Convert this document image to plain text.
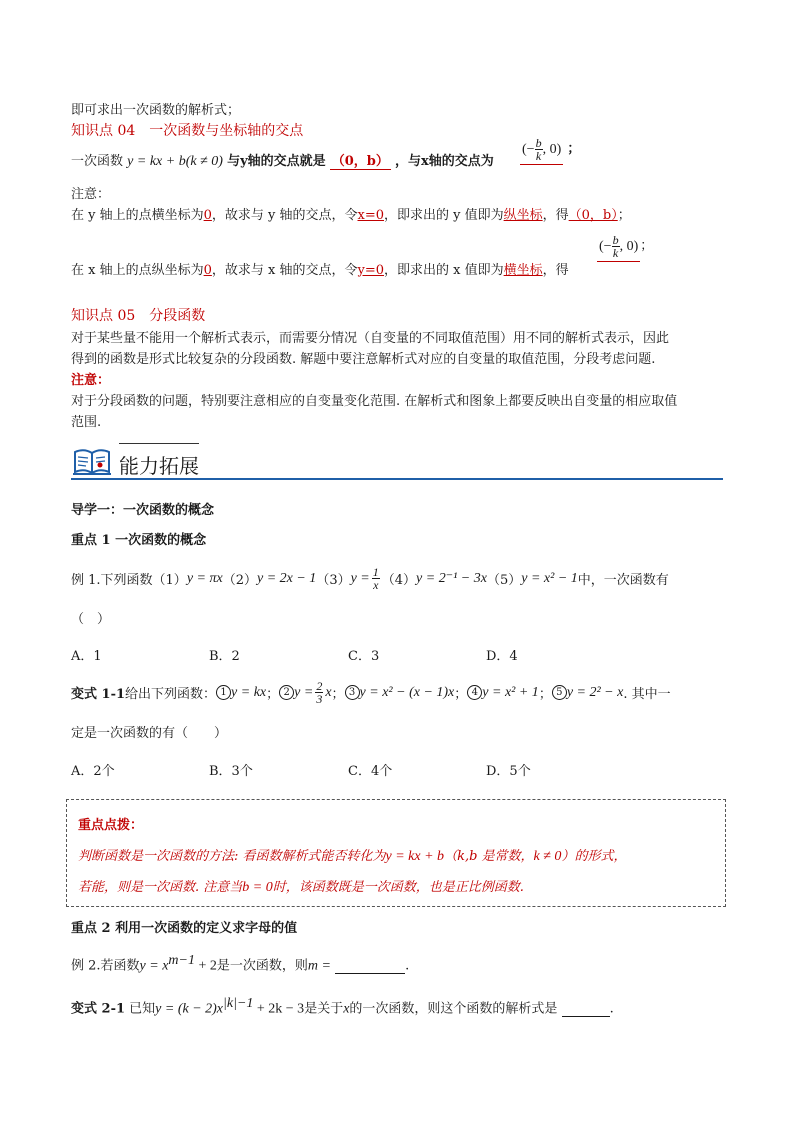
即可求出一次函数的解析式；
知识点 04　一次函数与坐标轴的交点
一次函数 y = kx + b(k ≠ 0) 与y轴的交点就是 （0，b） ，与x轴的交点为
(− $\frac{b}{k}$ , 0) ；
注意：
在 y 轴上的点横坐标为0，故求与 y 轴的交点，令x=0，即求出的 y 值即为纵坐标，得（0，b）；
在 x 轴上的点纵坐标为0，故求与 x 轴的交点，令y=0，即求出的 x 值即为横坐标，得
(− $\frac{b}{k}$ , 0) ；
知识点 05　分段函数
对于某些量不能用一个解析式表示，而需要分情况（自变量的不同取值范围）用不同的解析式表示，因此
得到的函数是形式比较复杂的分段函数. 解题中要注意解析式对应的自变量的取值范围，分段考虑问题.
注意：
对于分段函数的问题，特别要注意相应的自变量变化范围. 在解析式和图象上都要反映出自变量的相应取值
范围.
能力拓展
导学一：一次函数的概念
重点 1 一次函数的概念
例 1.下列函数（1） y = πx （2） y = 2x − 1 （3） $y = \frac{1}{x} (4) y = 2^{-1} - 3x$ （5） y = x² − 1 中，一次函数有
（　）
A．1	B．2	C．3	D．4
变式 1-1 给出下列函数： 1 y = kx ； 2 $y = \frac{2}{3}$ x ； 3 y = x² − (x − 1)x ； 4 y = x² + 1 ； 5 y = 2² − x . 其中一
定是一次函数的有（　　）
A．2个	B．3个	C．4个	D．5个
重点点拨：
判断函数是一次函数的方法: 看函数解析式能否转化为y = kx + b（k,b 是常数，k ≠ 0）的形式，
若能，则是一次函数. 注意当b = 0时，该函数既是一次函数，也是正比例函数.
重点 2 利用一次函数的定义求字母的值
例 2.若函数$y = x^{m-1} + 2$是一次函数，则m =	.
变式 2-1 已知$y = (k - 2)x^{|k|-1} + 2k - 3$是关于x的一次函数，则这个函数的解析式是	.
